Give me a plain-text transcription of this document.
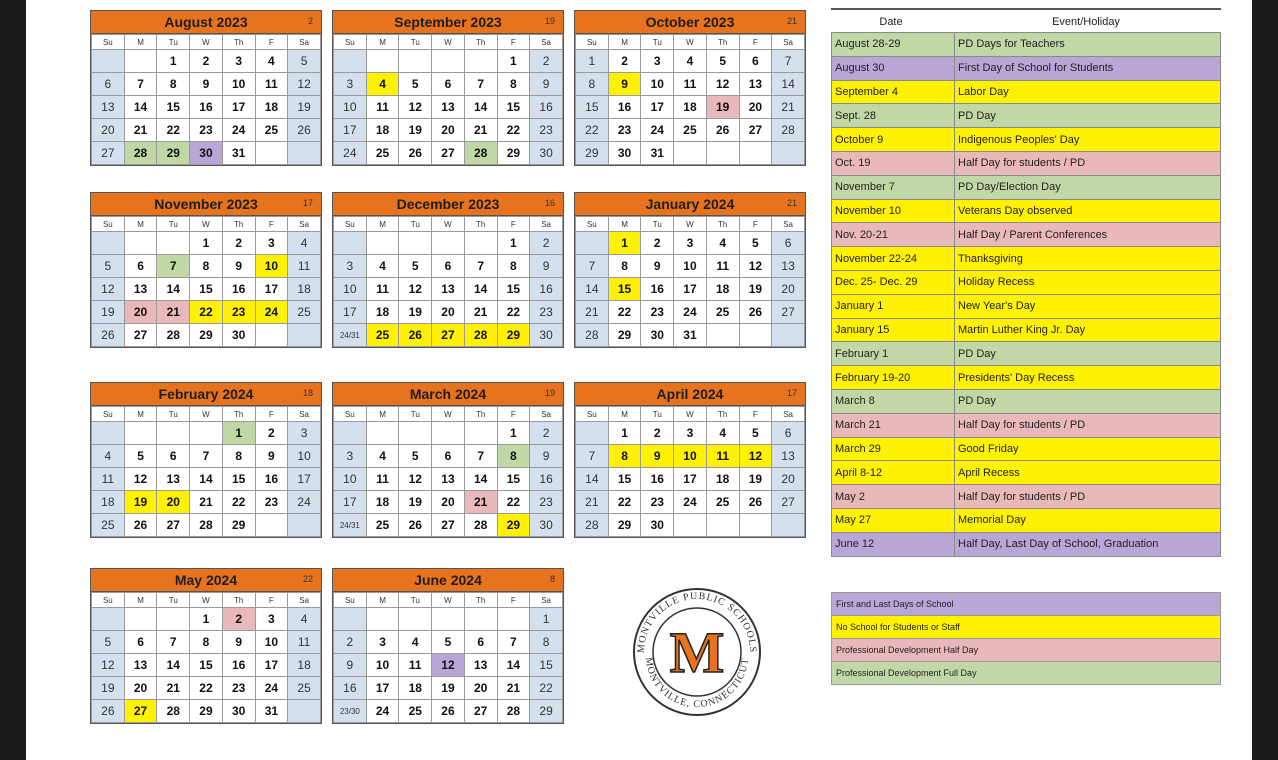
August 2023	2
Su	M	Tu	W	Th	F	Sa
		1	2	3	4	5
6	7	8	9	10	11	12
13	14	15	16	17	18	19
20	21	22	23	24	25	26
27	28	29	30	31		
September 2023	19
Su	M	Tu	W	Th	F	Sa
					1	2
3	4	5	6	7	8	9
10	11	12	13	14	15	16
17	18	19	20	21	22	23
24	25	26	27	28	29	30
October 2023	21
Su	M	Tu	W	Th	F	Sa
1	2	3	4	5	6	7
8	9	10	11	12	13	14
15	16	17	18	19	20	21
22	23	24	25	26	27	28
29	30	31				
November 2023	17
Su	M	Tu	W	Th	F	Sa
			1	2	3	4
5	6	7	8	9	10	11
12	13	14	15	16	17	18
19	20	21	22	23	24	25
26	27	28	29	30		
December 2023	16
Su	M	Tu	W	Th	F	Sa
					1	2
3	4	5	6	7	8	9
10	11	12	13	14	15	16
17	18	19	20	21	22	23
24/31	25	26	27	28	29	30
January 2024	21
Su	M	Tu	W	Th	F	Sa
	1	2	3	4	5	6
7	8	9	10	11	12	13
14	15	16	17	18	19	20
21	22	23	24	25	26	27
28	29	30	31			
February 2024	18
Su	M	Tu	W	Th	F	Sa
				1	2	3
4	5	6	7	8	9	10
11	12	13	14	15	16	17
18	19	20	21	22	23	24
25	26	27	28	29		
March 2024	19
Su	M	Tu	W	Th	F	Sa
					1	2
3	4	5	6	7	8	9
10	11	12	13	14	15	16
17	18	19	20	21	22	23
24/31	25	26	27	28	29	30
April 2024	17
Su	M	Tu	W	Th	F	Sa
	1	2	3	4	5	6
7	8	9	10	11	12	13
14	15	16	17	18	19	20
21	22	23	24	25	26	27
28	29	30				
May 2024	22
Su	M	Tu	W	Th	F	Sa
			1	2	3	4
5	6	7	8	9	10	11
12	13	14	15	16	17	18
19	20	21	22	23	24	25
26	27	28	29	30	31	
June 2024	8
Su	M	Tu	W	Th	F	Sa
						1
2	3	4	5	6	7	8
9	10	11	12	13	14	15
16	17	18	19	20	21	22
23/30	24	25	26	27	28	29
Date	Event/Holiday
August 28-29	PD Days for Teachers
August 30	First Day of School for Students
September 4	Labor Day
Sept. 28	PD Day
October 9	Indigenous Peoples' Day
Oct. 19	Half Day for students / PD
November 7	PD Day/Election Day
November 10	Veterans Day observed
Nov. 20-21	Half Day / Parent Conferences
November 22-24	Thanksgiving
Dec. 25- Dec. 29	Holiday Recess
January 1	New Year's Day
January 15	Martin Luther King Jr. Day
February 1	PD Day
February 19-20	Presidents' Day Recess
March 8	PD Day
March 21	Half Day for students / PD
March 29	Good Friday
April 8-12	April Recess
May 2	Half Day for students / PD
May 27	Memorial Day
June 12	Half Day, Last Day of School, Graduation
MONTVILLE PUBLIC SCHOOLS
MONTVILLE, CONNECTICUT
M
First and Last Days of School
No School for Students or Staff
Professional Development Half Day
Professional Development Full Day
